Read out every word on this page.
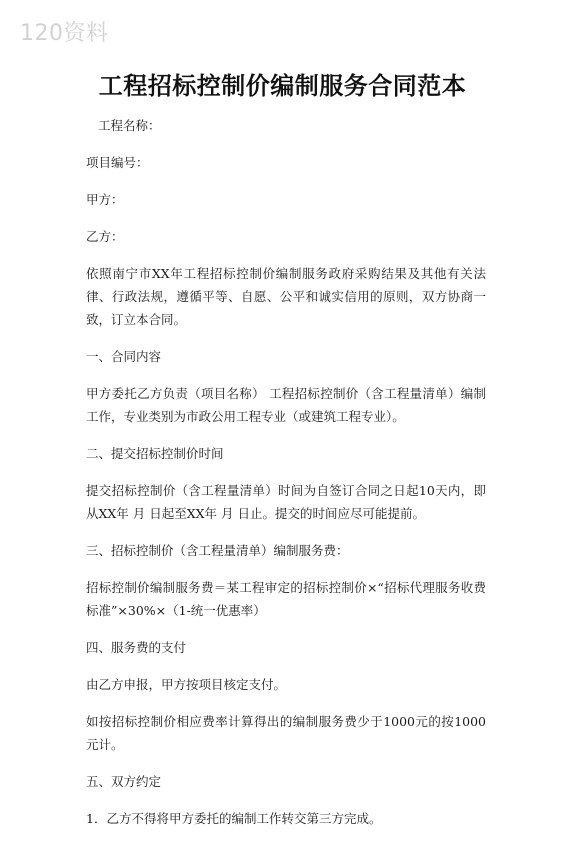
120资料
工程招标控制价编制服务合同范本

工程名称：

项目编号：

甲方：

乙方：

依照南宁市XX年工程招标控制价编制服务政府采购结果及其他有关法律、行政法规，遵循平等、自愿、公平和诚实信用的原则，双方协商一致，订立本合同。

一、合同内容

甲方委托乙方负责（项目名称） 工程招标控制价（含工程量清单）编制工作，专业类别为市政公用工程专业（或建筑工程专业）。

二、提交招标控制价时间

提交招标控制价（含工程量清单）时间为自签订合同之日起10天内，即从XX年 月 日起至XX年 月 日止。提交的时间应尽可能提前。

三、招标控制价（含工程量清单）编制服务费：

招标控制价编制服务费＝某工程审定的招标控制价×“招标代理服务收费标准”×30%×（1-统一优惠率）

四、服务费的支付

由乙方申报，甲方按项目核定支付。

如按招标控制价相应费率计算得出的编制服务费少于1000元的按1000元计。

五、双方约定

1．乙方不得将甲方委托的编制工作转交第三方完成。
